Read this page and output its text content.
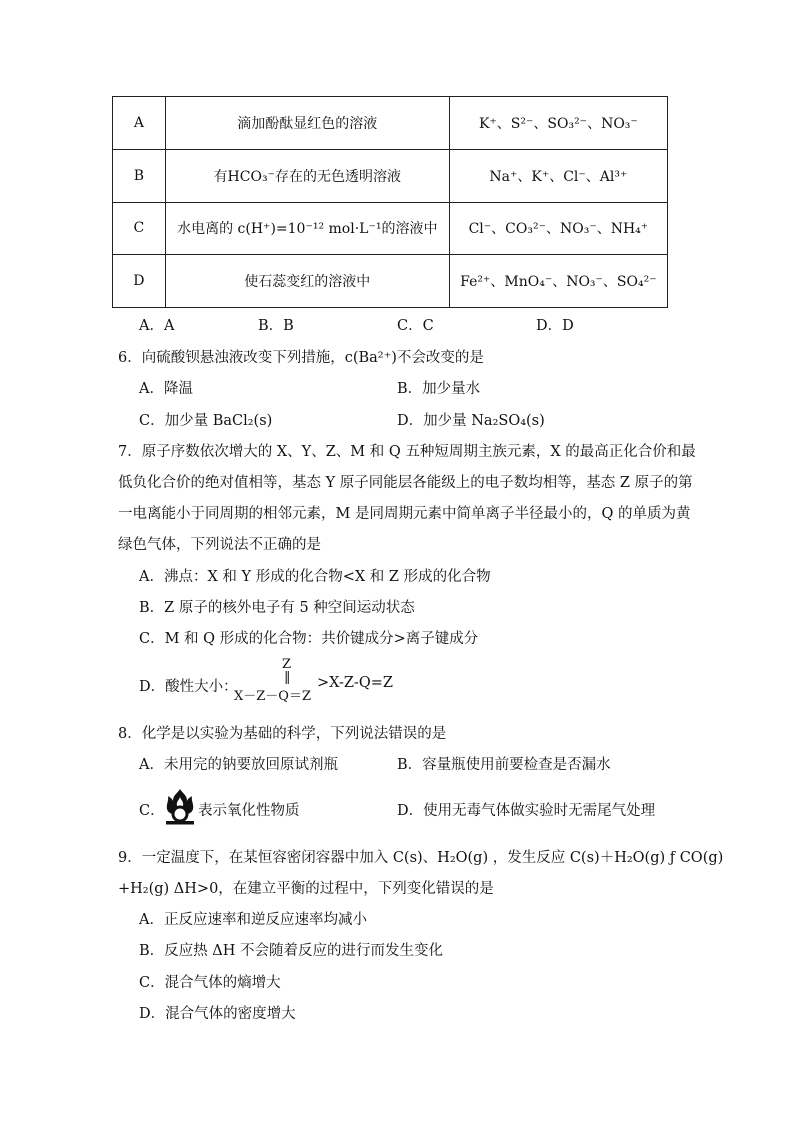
A	滴加酚酞显红色的溶液	K⁺、S²⁻、SO₃²⁻、NO₃⁻
B	有HCO₃⁻存在的无色透明溶液	Na⁺、K⁺、Cl⁻、Al³⁺
C	水电离的 c(H⁺)=10⁻¹² mol·L⁻¹的溶液中	Cl⁻、CO₃²⁻、NO₃⁻、NH₄⁺
D	使石蕊变红的溶液中	Fe²⁺、MnO₄⁻、NO₃⁻、SO₄²⁻
A．A	B．B	C．C	D．D
6．向硫酸钡悬浊液改变下列措施，c(Ba²⁺)不会改变的是
A．降温	B．加少量水
C．加少量 BaCl₂(s)	D．加少量 Na₂SO₄(s)
7．原子序数依次增大的 X、Y、Z、M 和 Q 五种短周期主族元素，X 的最高正化合价和最
低负化合价的绝对值相等，基态 Y 原子同能层各能级上的电子数均相等，基态 Z 原子的第
一电离能小于同周期的相邻元素，M 是同周期元素中简单离子半径最小的，Q 的单质为黄
绿色气体，下列说法不正确的是
A．沸点：X 和 Y 形成的化合物<X 和 Z 形成的化合物
B．Z 原子的核外电子有 5 种空间运动状态
C．M 和 Q 形成的化合物：共价键成分>离子键成分
D．酸性大小：
Z
‖
X－Z－Q＝Z
>X-Z-Q=Z
8．化学是以实验为基础的科学，下列说法错误的是
A．未用完的钠要放回原试剂瓶	B．容量瓶使用前要检查是否漏水
C． 表示氧化性物质	D．使用无毒气体做实验时无需尾气处理
9．一定温度下，在某恒容密闭容器中加入 C(s)、H₂O(g) ，发生反应 C(s)＋H₂O(g) ƒ CO(g)
+H₂(g) ΔH>0，在建立平衡的过程中，下列变化错误的是
A．正反应速率和逆反应速率均减小
B．反应热 ΔH 不会随着反应的进行而发生变化
C．混合气体的熵增大
D．混合气体的密度增大
